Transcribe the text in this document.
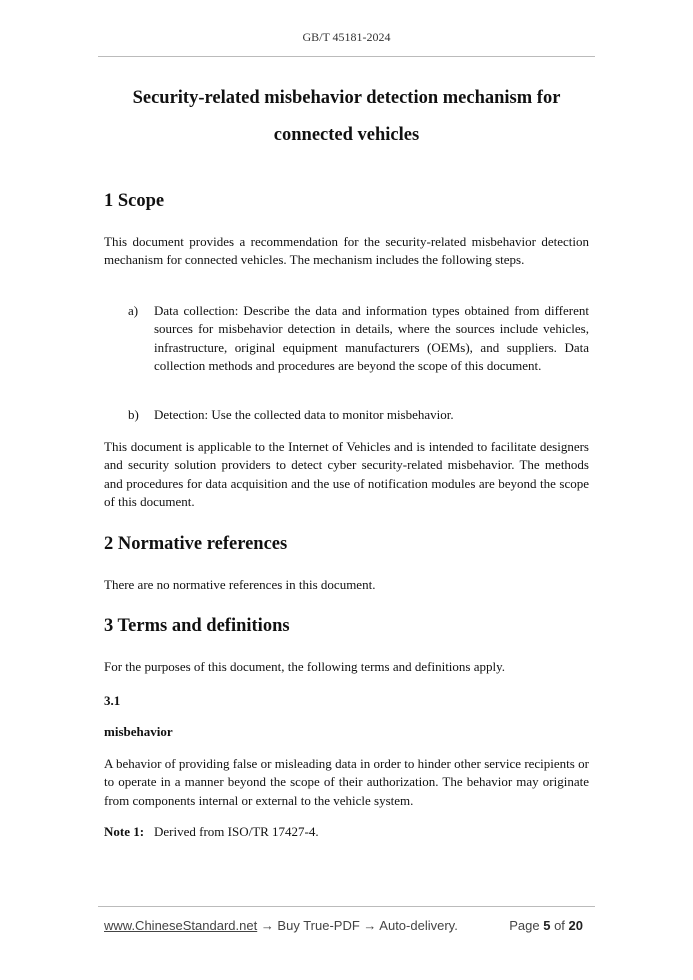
GB/T 45181-2024
Security-related misbehavior detection mechanism for
connected vehicles
1 Scope
This document provides a recommendation for the security-related misbehavior detection mechanism for connected vehicles. The mechanism includes the following steps.
a) Data collection: Describe the data and information types obtained from different sources for misbehavior detection in details, where the sources include vehicles, infrastructure, original equipment manufacturers (OEMs), and suppliers. Data collection methods and procedures are beyond the scope of this document.
b) Detection: Use the collected data to monitor misbehavior.
This document is applicable to the Internet of Vehicles and is intended to facilitate designers and security solution providers to detect cyber security-related misbehavior. The methods and procedures for data acquisition and the use of notification modules are beyond the scope of this document.
2 Normative references
There are no normative references in this document.
3 Terms and definitions
For the purposes of this document, the following terms and definitions apply.
3.1
misbehavior
A behavior of providing false or misleading data in order to hinder other service recipients or to operate in a manner beyond the scope of their authorization. The behavior may originate from components internal or external to the vehicle system.
Note 1: Derived from ISO/TR 17427-4.
www.ChineseStandard.net → Buy True-PDF → Auto-delivery.	Page 5 of 20
